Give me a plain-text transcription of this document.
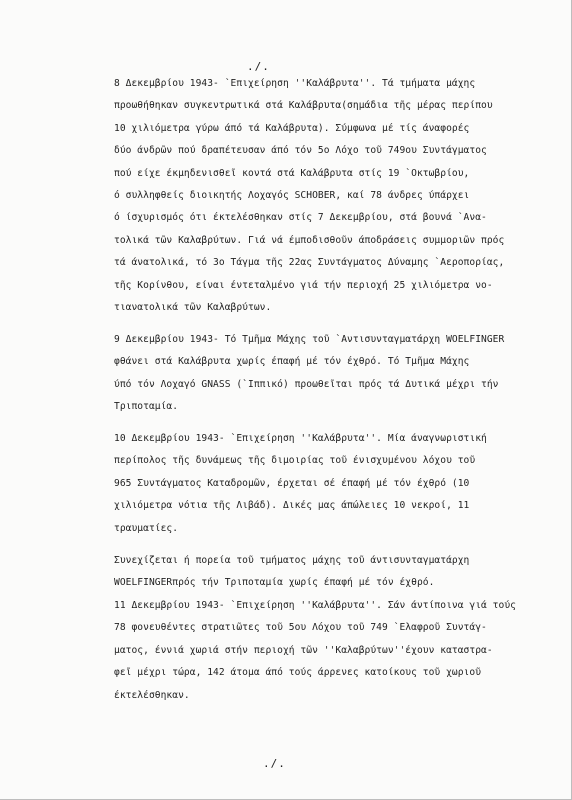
./.
8 Δεκεμβρίου 1943- `Επιχείρηση ''Καλάβρυτα''. Τά τμήματα μάχης
προωθήθηκαν συγκεντρωτικά στά Καλάβρυτα(σημάδια τῆς μέρας περίπου
10 χιλιόμετρα γύρω άπό τά Καλάβρυτα). Σύμφωνα μέ τίς άναφορές
δύο άνδρῶν πού δραπέτευσαν άπό τόν 5ο Λόχο τοῦ 749ου Συντάγματος
πού είχε έκμηδενισθεῖ κοντά στά Καλάβρυτα στίς 19 `Οκτωβρίου,
ό συλληφθείς διοικητής Λοχαγός SCHOBER, καί 78 άνδρες ύπάρχει
ό ίσχυρισμός ότι έκτελέσθηκαν στίς 7 Δεκεμβρίου, στά βουνά `Ανα-
τολικά τῶν Καλαβρύτων. Γιά νά έμποδισθοῦν άποδράσεις συμμοριῶν πρός
τά άνατολικά, τό 3ο Τάγμα τῆς 22ας Συντάγματος Δύναμης `Αεροπορίας,
τῆς Κορίνθου, είναι έντεταλμένο γιά τήν περιοχή 25 χιλιόμετρα νο-
τιανατολικά τῶν Καλαβρύτων.
9 Δεκεμβρίου 1943- Τό Τμῆμα Μάχης τοῦ `Αντισυνταγματάρχη WOELFINGER
φθάνει στά Καλάβρυτα χωρίς έπαφή μέ τόν έχθρό. Τό Τμῆμα Μάχης
ύπό τόν Λοχαγό GNASS (`Ιππικό) προωθεῖται πρός τά Δυτικά μέχρι τήν
Τριποταμία.
10 Δεκεμβρίου 1943- `Επιχείρηση ''Καλάβρυτα''. Μία άναγνωριστική
περίπολος τῆς δυνάμεως τῆς διμοιρίας τοῦ ένισχυμένου λόχου τοῦ
965 Συντάγματος Καταδρομῶν, έρχεται σέ έπαφή μέ τόν έχθρό (10
χιλιόμετρα νότια τῆς Λιβάδ). Δικές μας άπώλειες 10 νεκροί, 11
τραυματίες.
Συνεχίζεται ή πορεία τοῦ τμήματος μάχης τοῦ άντισυνταγματάρχη
WOELFINGERπρός τήν Τριποταμία χωρίς έπαφή μέ τόν έχθρό.
11 Δεκεμβρίου 1943- `Επιχείρηση ''Καλάβρυτα''. Σάν άντίποινα γιά τούς
78 φονευθέντες στρατιῶτες τοῦ 5ου Λόχου τοῦ 749 `Ελαφροῦ Συντάγ-
ματος, έννιά χωριά στήν περιοχή τῶν ''Καλαβρύτων''έχουν καταστρα-
φεῖ μέχρι τώρα, 142 άτομα άπό τούς άρρενες κατοίκους τοῦ χωριοῦ
έκτελέσθηκαν.
./.
